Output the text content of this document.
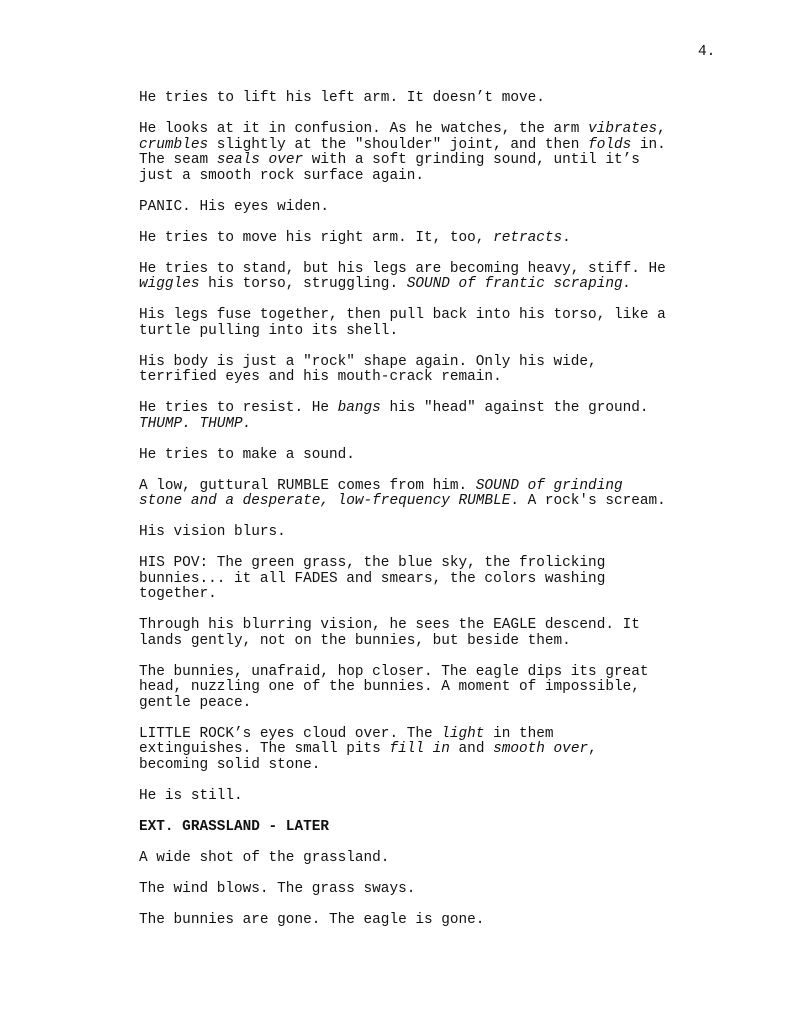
4.
He tries to lift his left arm. It doesn’t move.
He looks at it in confusion. As he watches, the arm vibrates,
crumbles slightly at the "shoulder" joint, and then folds in.
The seam seals over with a soft grinding sound, until it’s
just a smooth rock surface again.
PANIC. His eyes widen.
He tries to move his right arm. It, too, retracts.
He tries to stand, but his legs are becoming heavy, stiff. He
wiggles his torso, struggling. SOUND of frantic scraping.
His legs fuse together, then pull back into his torso, like a
turtle pulling into its shell.
His body is just a "rock" shape again. Only his wide,
terrified eyes and his mouth-crack remain.
He tries to resist. He bangs his "head" against the ground.
THUMP. THUMP.
He tries to make a sound.
A low, guttural RUMBLE comes from him. SOUND of grinding
stone and a desperate, low-frequency RUMBLE. A rock's scream.
His vision blurs.
HIS POV: The green grass, the blue sky, the frolicking
bunnies... it all FADES and smears, the colors washing
together.
Through his blurring vision, he sees the EAGLE descend. It
lands gently, not on the bunnies, but beside them.
The bunnies, unafraid, hop closer. The eagle dips its great
head, nuzzling one of the bunnies. A moment of impossible,
gentle peace.
LITTLE ROCK’s eyes cloud over. The light in them
extinguishes. The small pits fill in and smooth over,
becoming solid stone.
He is still.
EXT. GRASSLAND - LATER
A wide shot of the grassland.
The wind blows. The grass sways.
The bunnies are gone. The eagle is gone.
